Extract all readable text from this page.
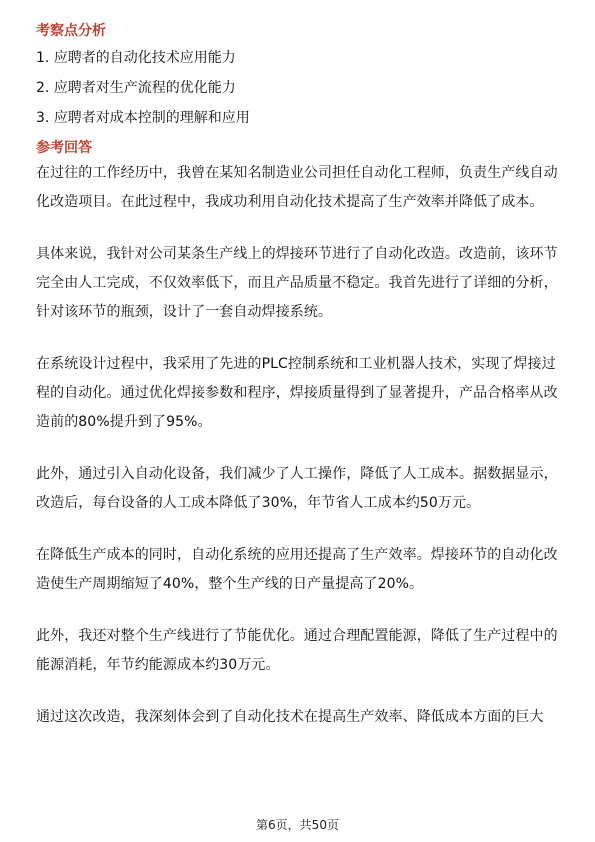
考察点分析
1. 应聘者的自动化技术应用能力
2. 应聘者对生产流程的优化能力
3. 应聘者对成本控制的理解和应用
参考回答

在过往的工作经历中，我曾在某知名制造业公司担任自动化工程师，负责生产线自动化改造项目。在此过程中，我成功利用自动化技术提高了生产效率并降低了成本。

具体来说，我针对公司某条生产线上的焊接环节进行了自动化改造。改造前，该环节完全由人工完成，不仅效率低下，而且产品质量不稳定。我首先进行了详细的分析，针对该环节的瓶颈，设计了一套自动焊接系统。

在系统设计过程中，我采用了先进的PLC控制系统和工业机器人技术，实现了焊接过程的自动化。通过优化焊接参数和程序，焊接质量得到了显著提升，产品合格率从改造前的80%提升到了95%。

此外，通过引入自动化设备，我们减少了人工操作，降低了人工成本。据数据显示，改造后，每台设备的人工成本降低了30%，年节省人工成本约50万元。

在降低生产成本的同时，自动化系统的应用还提高了生产效率。焊接环节的自动化改造使生产周期缩短了40%，整个生产线的日产量提高了20%。

此外，我还对整个生产线进行了节能优化。通过合理配置能源，降低了生产过程中的能源消耗，年节约能源成本约30万元。

通过这次改造，我深刻体会到了自动化技术在提高生产效率、降低成本方面的巨大

第6页，共50页
